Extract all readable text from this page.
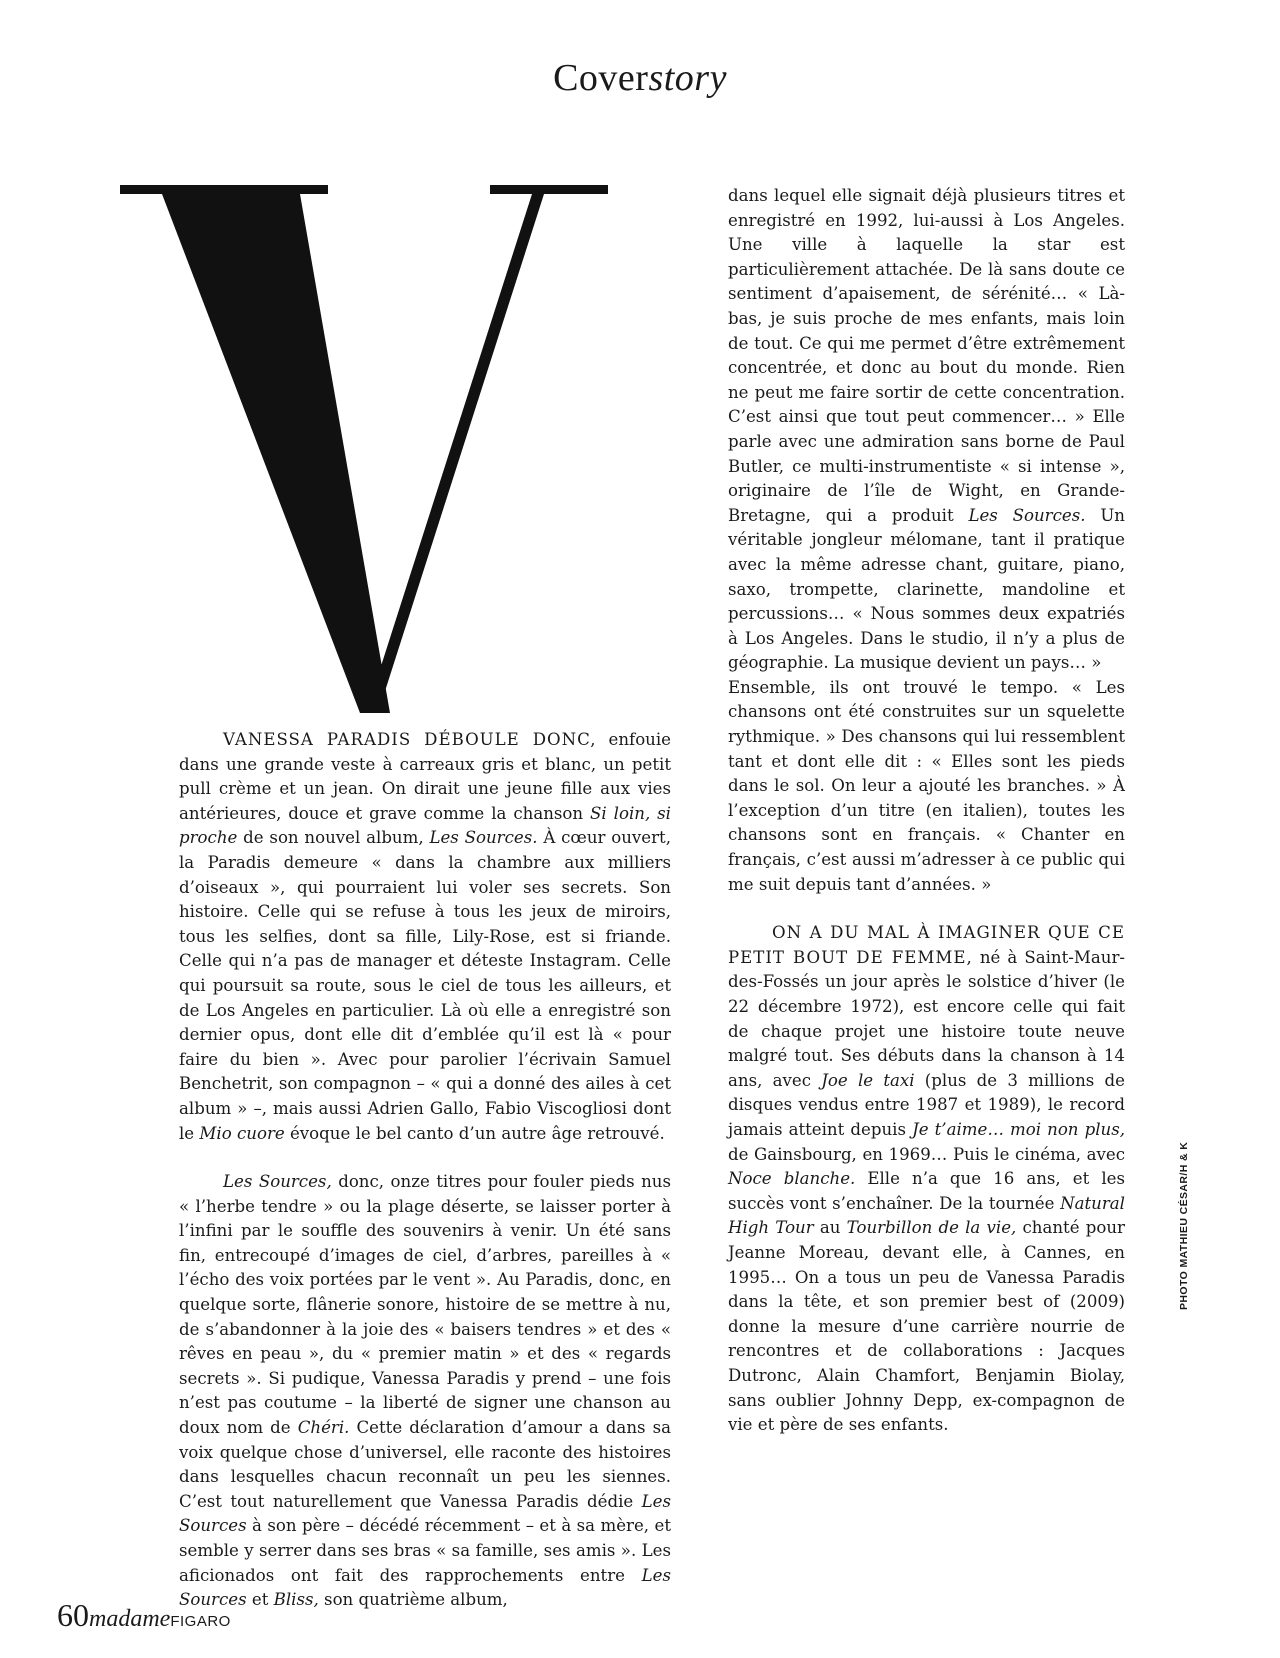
Coverstory

VANESSA PARADIS DÉBOULE DONC, enfouie dans une grande veste à carreaux gris et blanc, un petit pull crème et un jean. On dirait une jeune fille aux vies antérieures, douce et grave comme la chanson Si loin, si proche de son nouvel album, Les Sources. À cœur ouvert, la Paradis demeure « dans la chambre aux milliers d’oiseaux », qui pourraient lui voler ses secrets. Son histoire. Celle qui se refuse à tous les jeux de miroirs, tous les selfies, dont sa fille, Lily-Rose, est si friande. Celle qui n’a pas de manager et déteste Instagram. Celle qui poursuit sa route, sous le ciel de tous les ailleurs, et de Los Angeles en particulier. Là où elle a enregistré son dernier opus, dont elle dit d’emblée qu’il est là « pour faire du bien ». Avec pour parolier l’écrivain Samuel Benchetrit, son compagnon – « qui a donné des ailes à cet album » –, mais aussi Adrien Gallo, Fabio Viscogliosi dont le Mio cuore évoque le bel canto d’un autre âge retrouvé.

Les Sources, donc, onze titres pour fouler pieds nus « l’herbe tendre » ou la plage déserte, se laisser porter à l’infini par le souffle des souvenirs à venir. Un été sans fin, entrecoupé d’images de ciel, d’arbres, pareilles à « l’écho des voix portées par le vent ». Au Paradis, donc, en quelque sorte, flânerie sonore, histoire de se mettre à nu, de s’abandonner à la joie des « baisers tendres » et des « rêves en peau », du « premier matin » et des « regards secrets ». Si pudique, Vanessa Paradis y prend – une fois n’est pas coutume – la liberté de signer une chanson au doux nom de Chéri. Cette déclaration d’amour a dans sa voix quelque chose d’universel, elle raconte des histoires dans lesquelles chacun reconnaît un peu les siennes. C’est tout naturellement que Vanessa Paradis dédie Les Sources à son père – décédé récemment – et à sa mère, et semble y serrer dans ses bras « sa famille, ses amis ». Les aficionados ont fait des rapprochements entre Les Sources et Bliss, son quatrième album,

dans lequel elle signait déjà plusieurs titres et enregistré en 1992, lui-aussi à Los Angeles. Une ville à laquelle la star est particulièrement attachée. De là sans doute ce sentiment d’apaisement, de sérénité… « Là-bas, je suis proche de mes enfants, mais loin de tout. Ce qui me permet d’être extrêmement concentrée, et donc au bout du monde. Rien ne peut me faire sortir de cette concentration. C’est ainsi que tout peut commencer… » Elle parle avec une admiration sans borne de Paul Butler, ce multi-instrumentiste « si intense », originaire de l’île de Wight, en Grande-Bretagne, qui a produit Les Sources. Un véritable jongleur mélomane, tant il pratique avec la même adresse chant, guitare, piano, saxo, trompette, clarinette, mandoline et percussions… « Nous sommes deux expatriés à Los Angeles. Dans le studio, il n’y a plus de géographie. La musique devient un pays… »

Ensemble, ils ont trouvé le tempo. « Les chansons ont été construites sur un squelette rythmique. » Des chansons qui lui ressemblent tant et dont elle dit : « Elles sont les pieds dans le sol. On leur a ajouté les branches. » À l’exception d’un titre (en italien), toutes les chansons sont en français. « Chanter en français, c’est aussi m’adresser à ce public qui me suit depuis tant d’années. »

ON A DU MAL À IMAGINER QUE CE PETIT BOUT DE FEMME, né à Saint-Maur-des-Fossés un jour après le solstice d’hiver (le 22 décembre 1972), est encore celle qui fait de chaque projet une histoire toute neuve malgré tout. Ses débuts dans la chanson à 14 ans, avec Joe le taxi (plus de 3 millions de disques vendus entre 1987 et 1989), le record jamais atteint depuis Je t’aime… moi non plus, de Gainsbourg, en 1969… Puis le cinéma, avec Noce blanche. Elle n’a que 16 ans, et les succès vont s’enchaîner. De la tournée Natural High Tour au Tourbillon de la vie, chanté pour Jeanne Moreau, devant elle, à Cannes, en 1995… On a tous un peu de Vanessa Paradis dans la tête, et son premier best of (2009) donne la mesure d’une carrière nourrie de rencontres et de collaborations : Jacques Dutronc, Alain Chamfort, Benjamin Biolay, sans oublier Johnny Depp, ex-compagnon de vie et père de ses enfants.

PHOTO MATHIEU CÉSAR/H & K
60madameFIGARO
